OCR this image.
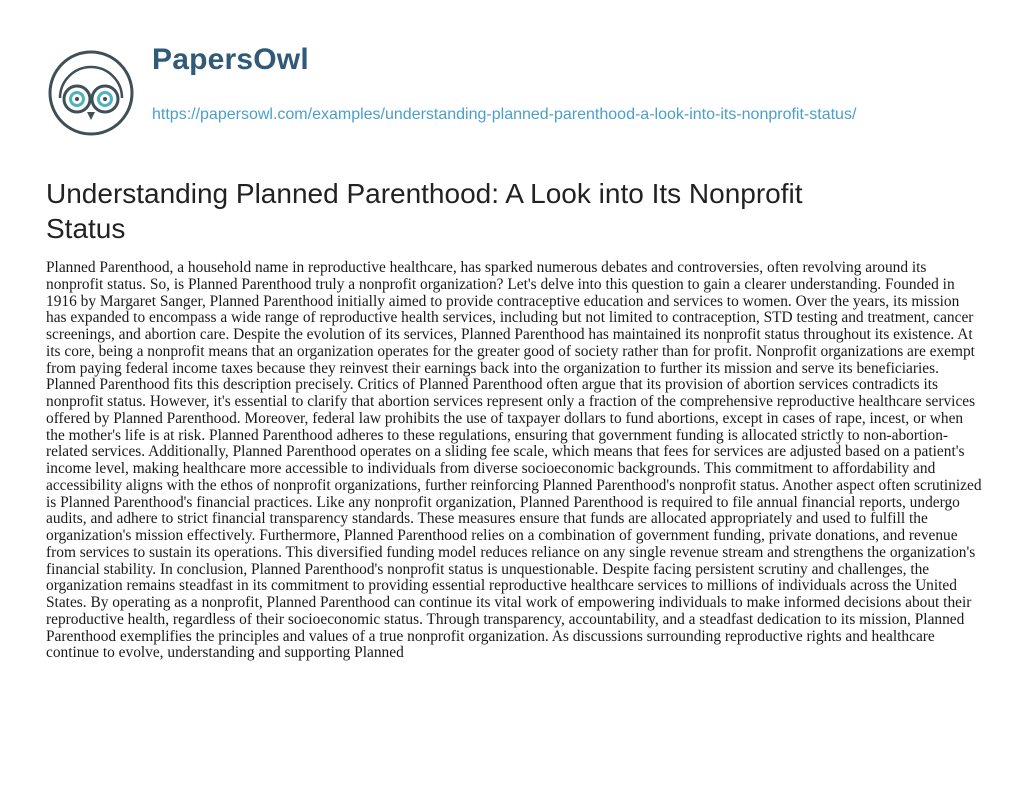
PapersOwl
https://papersowl.com/examples/understanding-planned-parenthood-a-look-into-its-nonprofit-status/
Understanding Planned Parenthood: A Look into Its Nonprofit Status

Planned Parenthood, a household name in reproductive healthcare, has sparked numerous debates and controversies, often revolving around its nonprofit status. So, is Planned Parenthood truly a nonprofit organization? Let's delve into this question to gain a clearer understanding. Founded in 1916 by Margaret Sanger, Planned Parenthood initially aimed to provide contraceptive education and services to women. Over the years, its mission has expanded to encompass a wide range of reproductive health services, including but not limited to contraception, STD testing and treatment, cancer screenings, and abortion care. Despite the evolution of its services, Planned Parenthood has maintained its nonprofit status throughout its existence. At its core, being a nonprofit means that an organization operates for the greater good of society rather than for profit. Nonprofit organizations are exempt from paying federal income taxes because they reinvest their earnings back into the organization to further its mission and serve its beneficiaries. Planned Parenthood fits this description precisely. Critics of Planned Parenthood often argue that its provision of abortion services contradicts its nonprofit status. However, it's essential to clarify that abortion services represent only a fraction of the comprehensive reproductive healthcare services offered by Planned Parenthood. Moreover, federal law prohibits the use of taxpayer dollars to fund abortions, except in cases of rape, incest, or when the mother's life is at risk. Planned Parenthood adheres to these regulations, ensuring that government funding is allocated strictly to non-abortion-related services. Additionally, Planned Parenthood operates on a sliding fee scale, which means that fees for services are adjusted based on a patient's income level, making healthcare more accessible to individuals from diverse socioeconomic backgrounds. This commitment to affordability and accessibility aligns with the ethos of nonprofit organizations, further reinforcing Planned Parenthood's nonprofit status. Another aspect often scrutinized is Planned Parenthood's financial practices. Like any nonprofit organization, Planned Parenthood is required to file annual financial reports, undergo audits, and adhere to strict financial transparency standards. These measures ensure that funds are allocated appropriately and used to fulfill the organization's mission effectively. Furthermore, Planned Parenthood relies on a combination of government funding, private donations, and revenue from services to sustain its operations. This diversified funding model reduces reliance on any single revenue stream and strengthens the organization's financial stability. In conclusion, Planned Parenthood's nonprofit status is unquestionable. Despite facing persistent scrutiny and challenges, the organization remains steadfast in its commitment to providing essential reproductive healthcare services to millions of individuals across the United States. By operating as a nonprofit, Planned Parenthood can continue its vital work of empowering individuals to make informed decisions about their reproductive health, regardless of their socioeconomic status. Through transparency, accountability, and a steadfast dedication to its mission, Planned Parenthood exemplifies the principles and values of a true nonprofit organization. As discussions surrounding reproductive rights and healthcare continue to evolve, understanding and supporting Planned
